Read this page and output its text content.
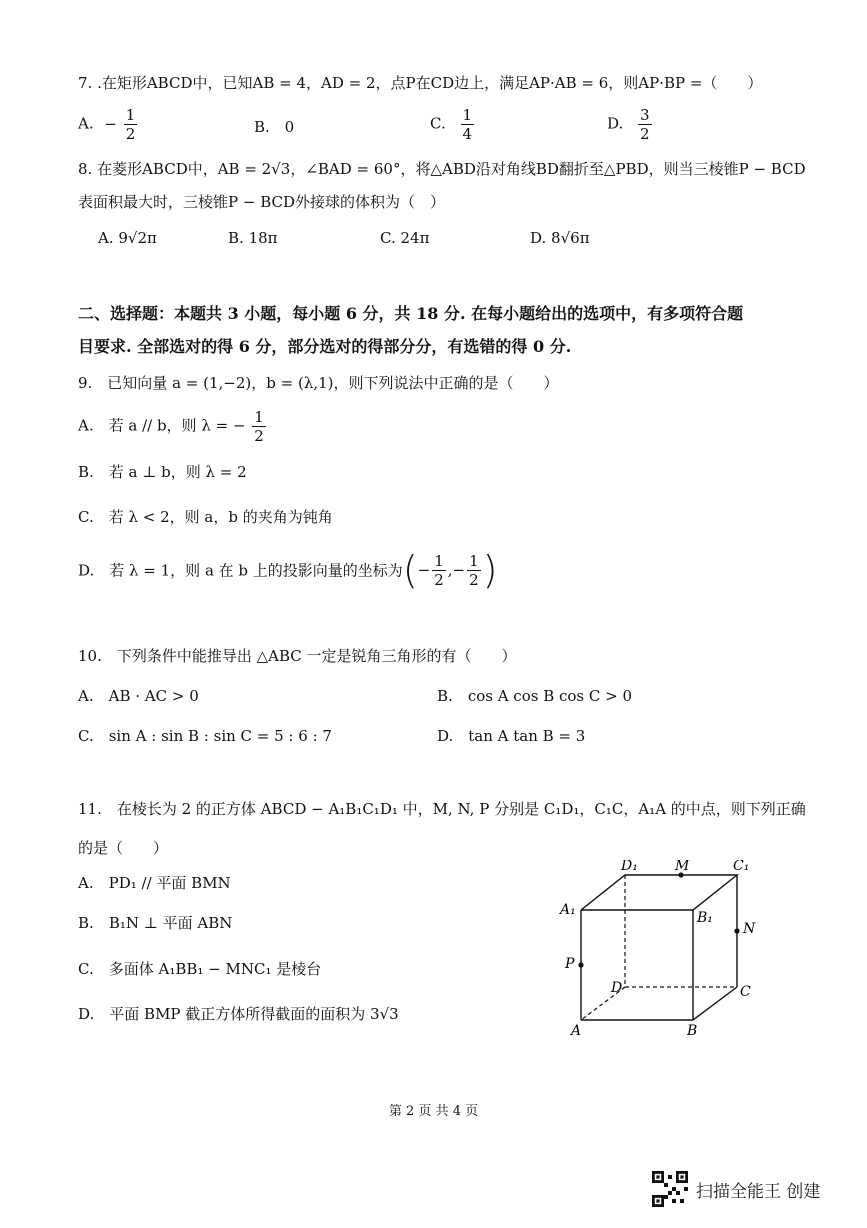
7. .在矩形ABCD中，已知AB = 4，AD = 2，点P在CD边上，满足AP·AB = 6，则AP·BP =（　　）
A. − $\frac{1}{2}$	B. 0	C. $\frac{1}{4}$	D. $\frac{3}{2}$
8. 在菱形ABCD中，AB = 2√3，∠BAD = 60°，将△ABD沿对角线BD翻折至△PBD，则当三棱锥P − BCD
表面积最大时，三棱锥P − BCD外接球的体积为（　）
A. 9√2π	B. 18π	C. 24π	D. 8√6π
二、选择题：本题共 3 小题，每小题 6 分，共 18 分. 在每小题给出的选项中，有多项符合题
目要求. 全部选对的得 6 分，部分选对的得部分分，有选错的得 0 分.
9.　已知向量 a = (1,−2)，b = (λ,1)，则下列说法中正确的是（　　）
A.　若 a // b，则 λ = − $\frac{1}{2}$
B.　若 a ⊥ b，则 λ = 2
C.　若 λ < 2，则 a，b 的夹角为钝角
D.　若 λ = 1，则 a 在 b 上的投影向量的坐标为(− $\frac{1}{2}$ ,− $\frac{1}{2}$ )
10.　下列条件中能推导出 △ABC 一定是锐角三角形的有（　　）
A.　 AB · AC > 0	B.　 cos A cos B cos C > 0
C.　 sin A : sin B : sin C = 5 : 6 : 7	D.　 tan A tan B = 3
11.　在棱长为 2 的正方体 ABCD − A₁B₁C₁D₁ 中，M, N, P 分别是 C₁D₁，C₁C，A₁A 的中点，则下列正确
的是（　　）
A.　 PD₁ // 平面 BMN
B.　 B₁N ⊥ 平面 ABN
C.　 多面体 A₁BB₁ − MNC₁ 是棱台
D.　 平面 BMP 截正方体所得截面的面积为 3√3
D₁	M	C₁
A₁	B₁
N
P
D	C
A	B
第 2 页 共 4 页
扫描全能王 创建
